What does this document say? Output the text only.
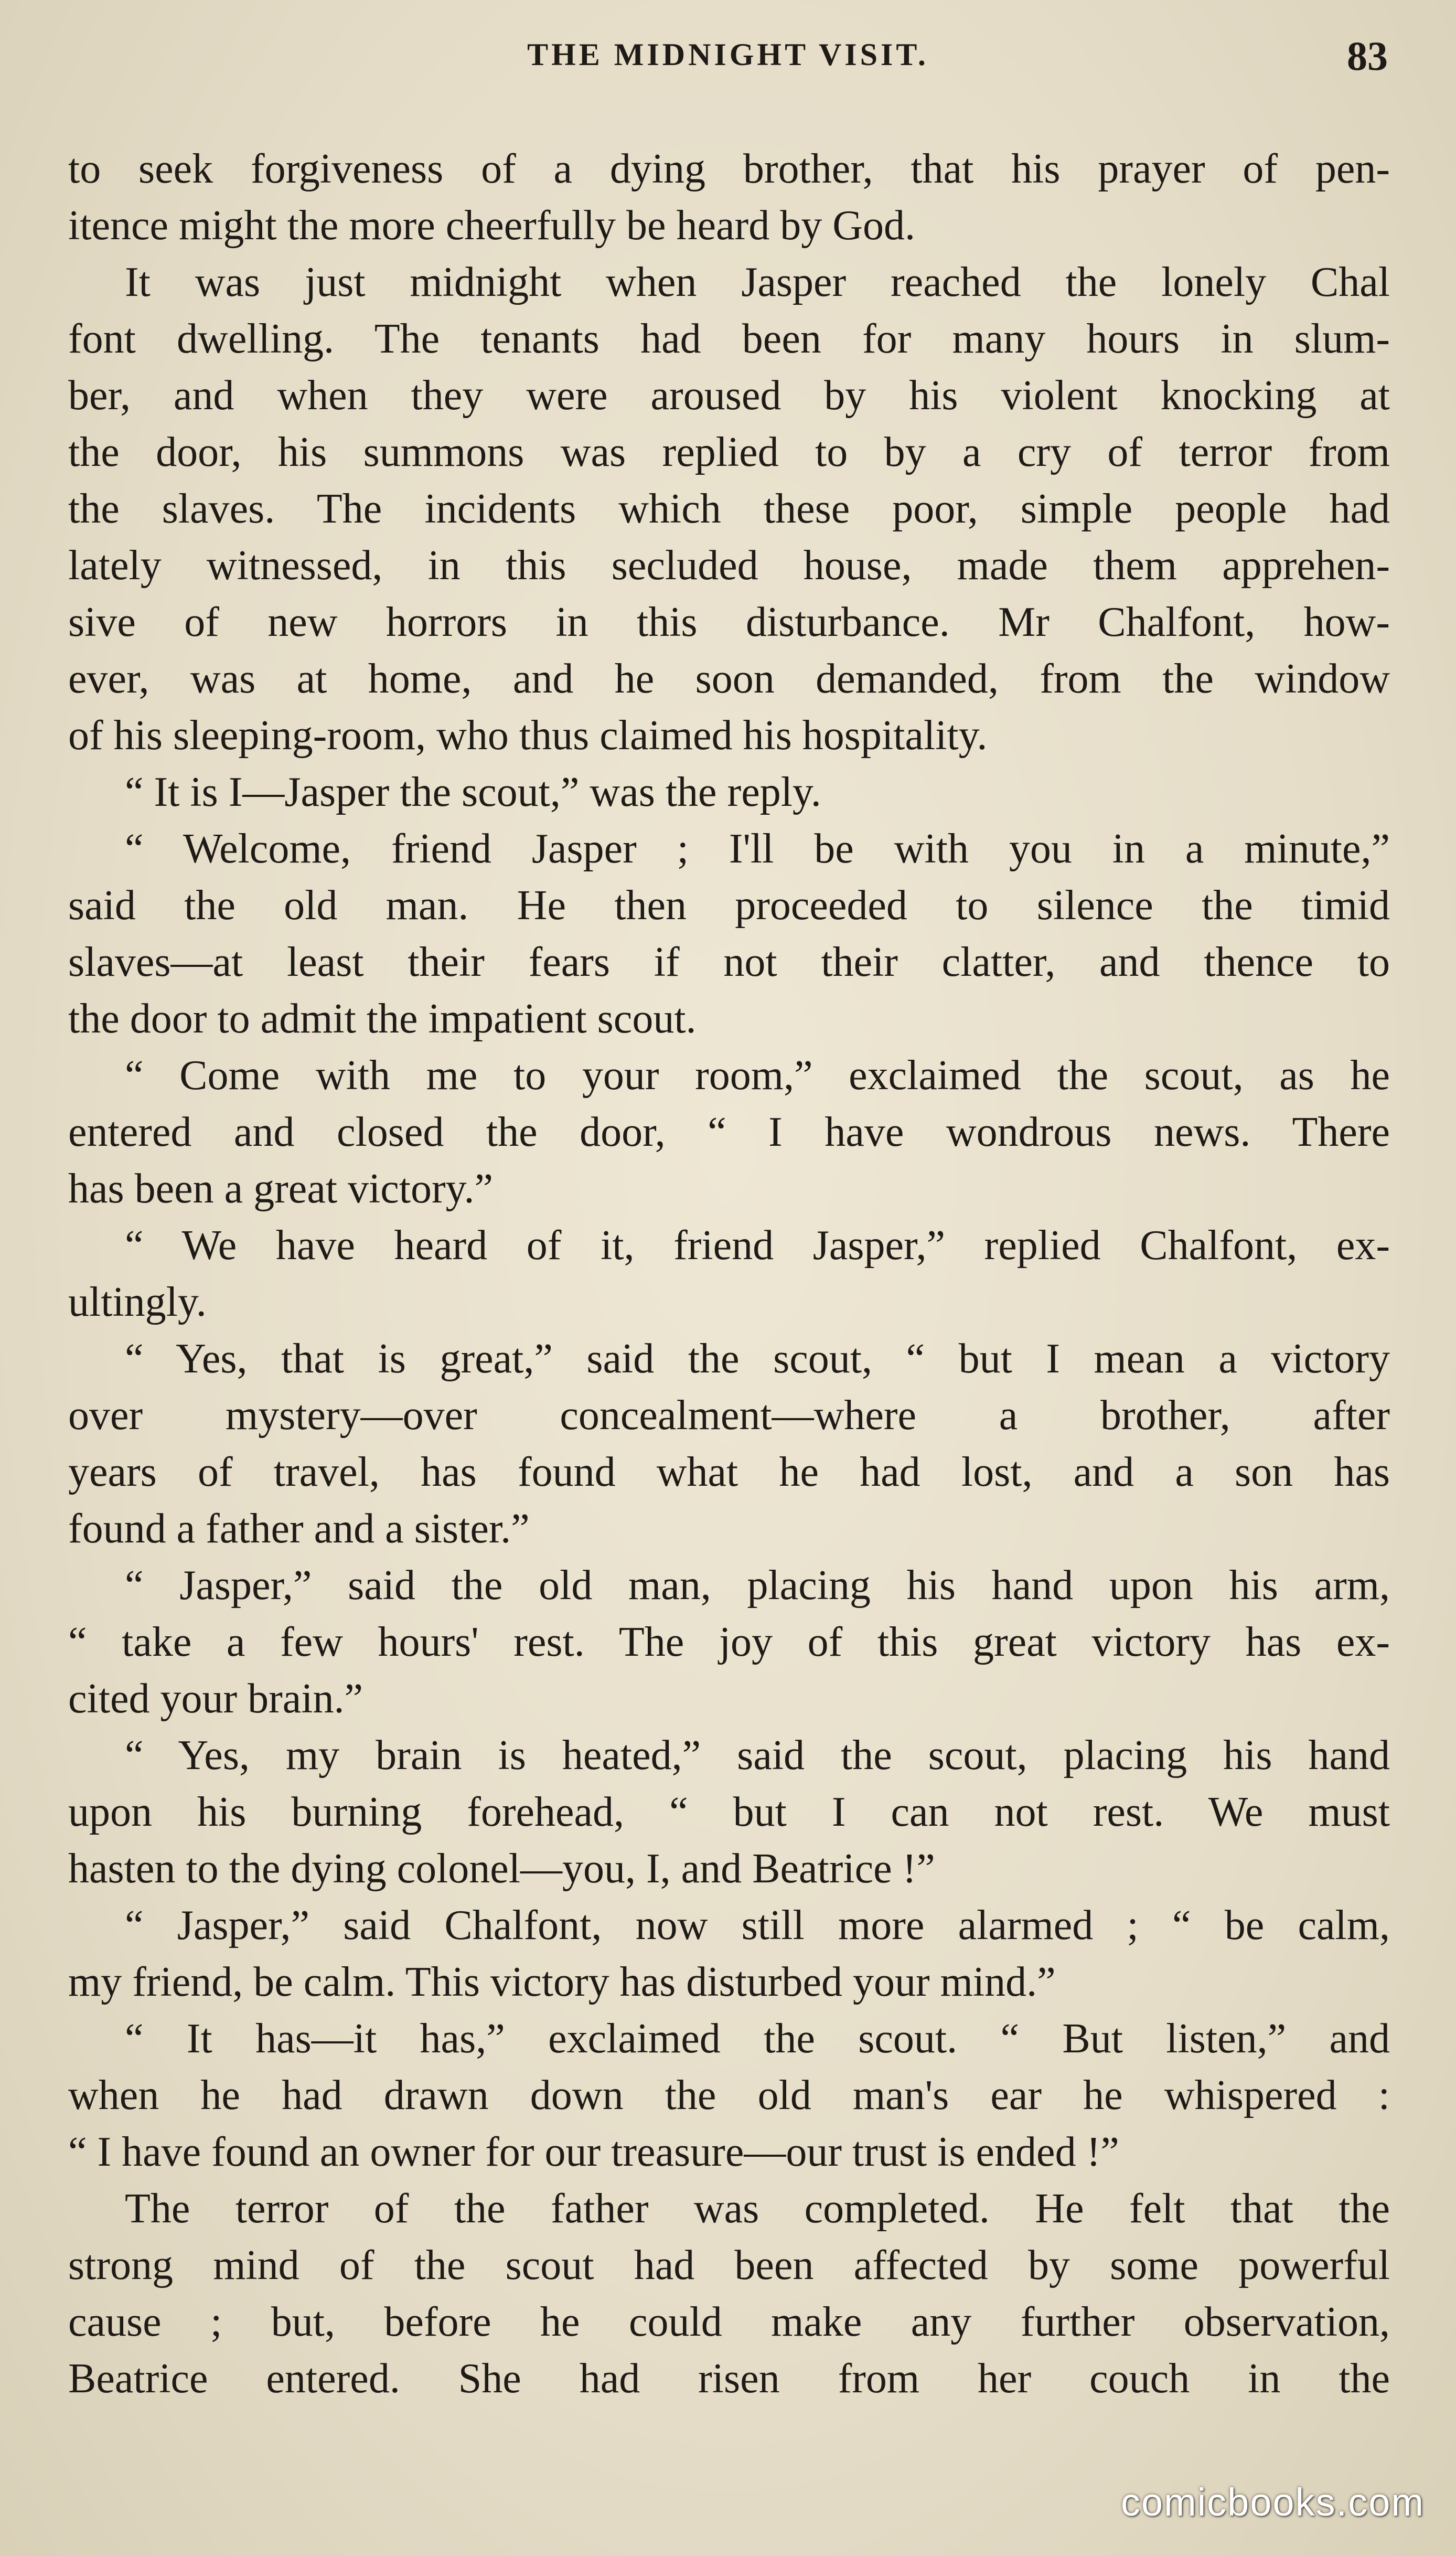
THE MIDNIGHT VISIT.	83
to seek forgiveness of a dying brother, that his prayer of pen-
itence might the more cheerfully be heard by God.
It was just midnight when Jasper reached the lonely Chal
font dwelling. The tenants had been for many hours in slum-
ber, and when they were aroused by his violent knocking at
the door, his summons was replied to by a cry of terror from
the slaves. The incidents which these poor, simple people had
lately witnessed, in this secluded house, made them apprehen-
sive of new horrors in this disturbance. Mr Chalfont, how-
ever, was at home, and he soon demanded, from the window
of his sleeping-room, who thus claimed his hospitality.
“ It is I—Jasper the scout,” was the reply.
“ Welcome, friend Jasper ; I'll be with you in a minute,”
said the old man. He then proceeded to silence the timid
slaves—at least their fears if not their clatter, and thence to
the door to admit the impatient scout.
“ Come with me to your room,” exclaimed the scout, as he
entered and closed the door, “ I have wondrous news. There
has been a great victory.”
“ We have heard of it, friend Jasper,” replied Chalfont, ex-
ultingly.
“ Yes, that is great,” said the scout, “ but I mean a victory
over mystery—over concealment—where a brother, after
years of travel, has found what he had lost, and a son has
found a father and a sister.”
“ Jasper,” said the old man, placing his hand upon his arm,
“ take a few hours' rest. The joy of this great victory has ex-
cited your brain.”
“ Yes, my brain is heated,” said the scout, placing his hand
upon his burning forehead, “ but I can not rest. We must
hasten to the dying colonel—you, I, and Beatrice !”
“ Jasper,” said Chalfont, now still more alarmed ; “ be calm,
my friend, be calm. This victory has disturbed your mind.”
“ It has—it has,” exclaimed the scout. “ But listen,” and
when he had drawn down the old man's ear he whispered :
“ I have found an owner for our treasure—our trust is ended !”
The terror of the father was completed. He felt that the
strong mind of the scout had been affected by some powerful
cause ; but, before he could make any further observation,
Beatrice entered. She had risen from her couch in the
comicbooks.com
